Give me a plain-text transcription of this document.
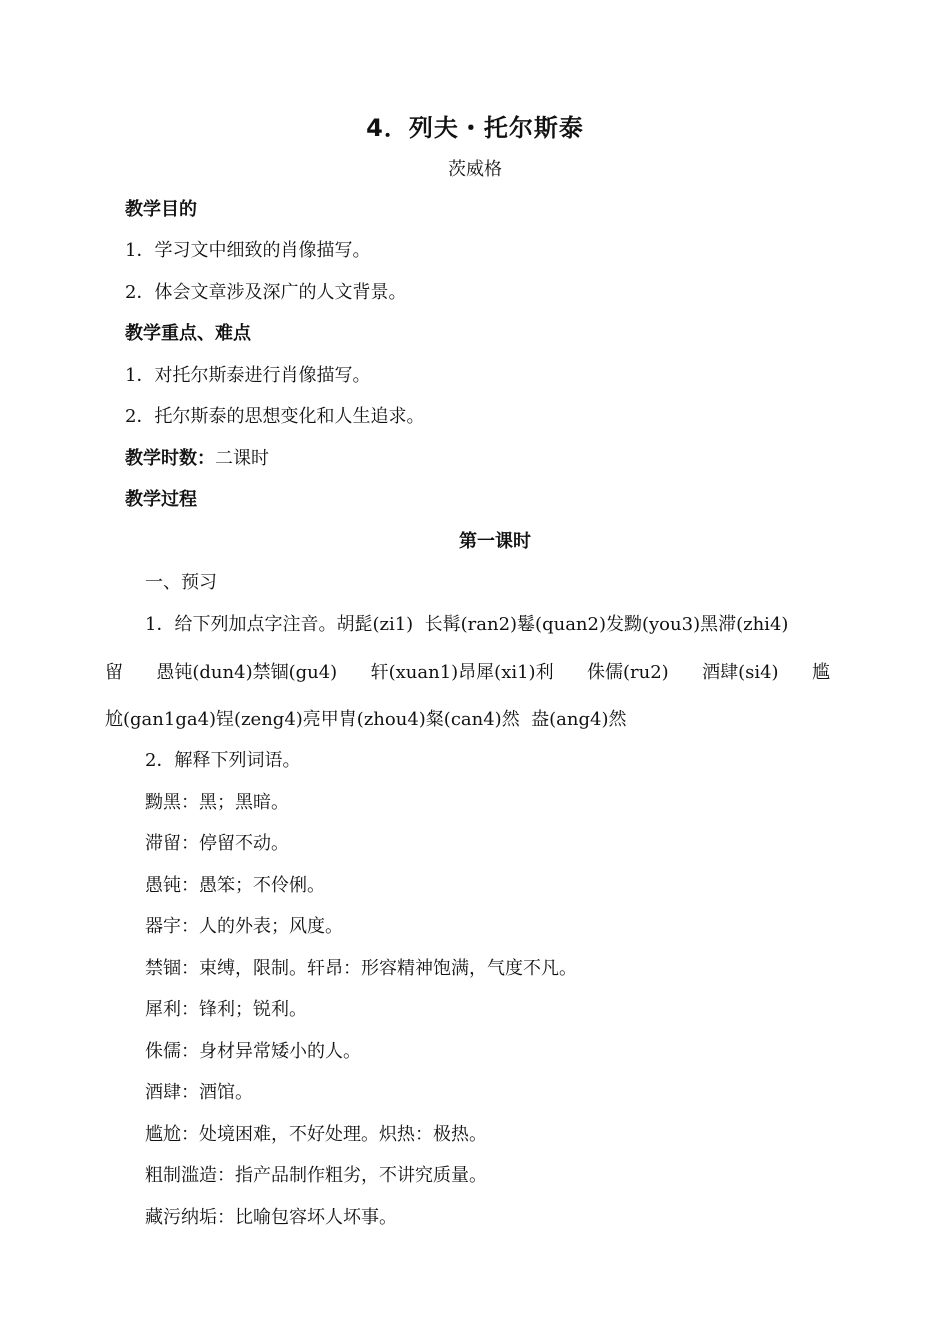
4．列夫・托尔斯泰
茨威格
教学目的
1．学习文中细致的肖像描写。
2．体会文章涉及深广的人文背景。
教学重点、难点
1．对托尔斯泰进行肖像描写。
2．托尔斯泰的思想变化和人生追求。
教学时数：二课时
教学过程
第一课时
一、预习
1．给下列加点字注音。胡髭(zi1)  长髯(ran2)鬈(quan2)发黝(you3)黑滞(zhi4)
留 愚钝(dun4)禁锢(gu4) 轩(xuan1)昂犀(xi1)利 侏儒(ru2) 酒肆(si4) 尴
尬(gan1ga4)锃(zeng4)亮甲胄(zhou4)粲(can4)然  盎(ang4)然
2．解释下列词语。
黝黑：黑；黑暗。
滞留：停留不动。
愚钝：愚笨；不伶俐。
器宇：人的外表；风度。
禁锢：束缚，限制。轩昂：形容精神饱满，气度不凡。
犀利：锋利；锐利。
侏儒：身材异常矮小的人。
酒肆：酒馆。
尴尬：处境困难，不好处理。炽热：极热。
粗制滥造：指产品制作粗劣，不讲究质量。
藏污纳垢：比喻包容坏人坏事。
